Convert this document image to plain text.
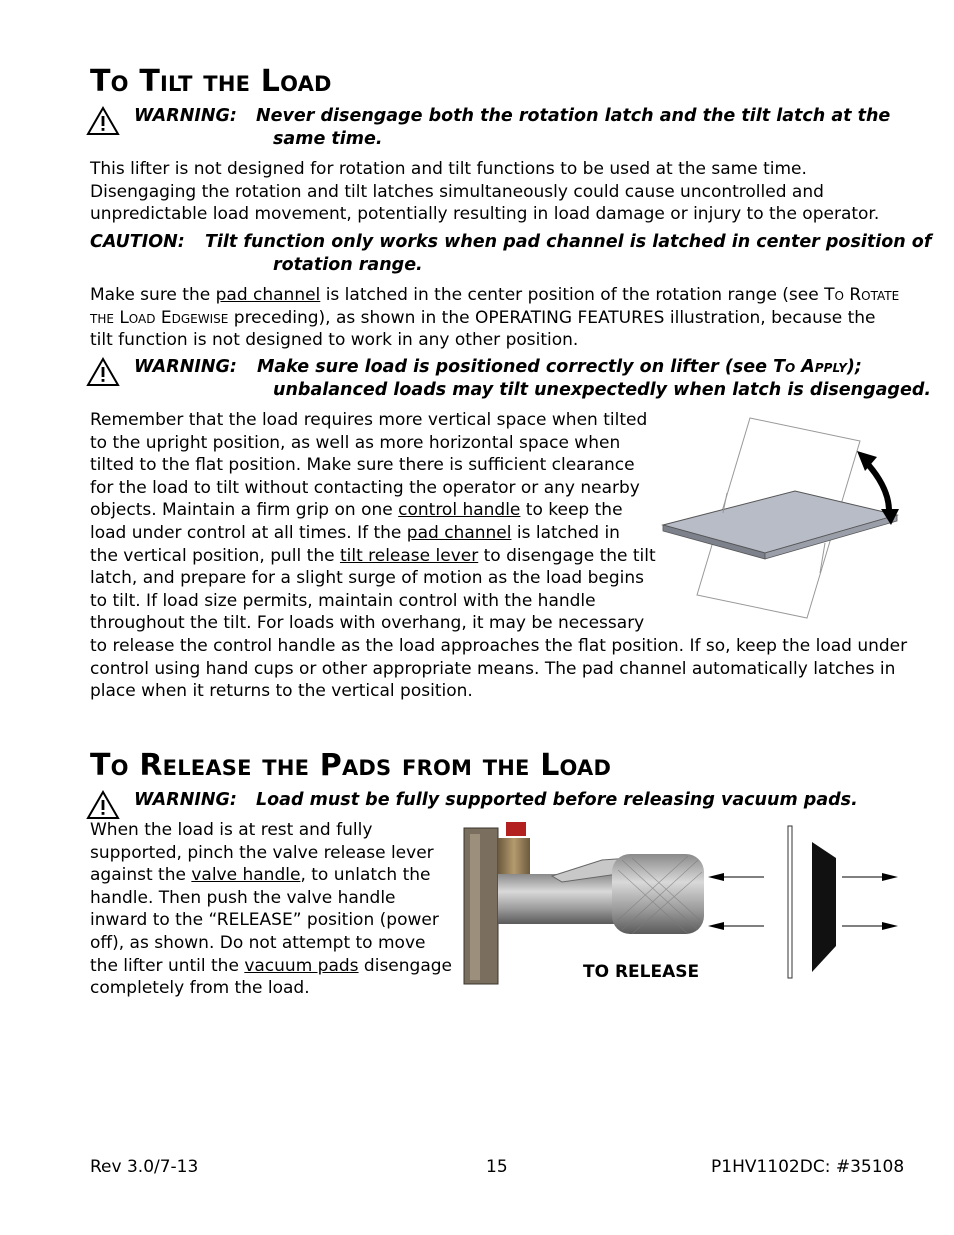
To Tilt the Load
WARNING: Never disengage both the rotation latch and the tilt latch at the
same time.
This lifter is not designed for rotation and tilt functions to be used at the same time.
Disengaging the rotation and tilt latches simultaneously could cause uncontrolled and
unpredictable load movement, potentially resulting in load damage or injury to the operator.
CAUTION: Tilt function only works when pad channel is latched in center position of
rotation range.
Make sure the pad channel is latched in the center position of the rotation range (see To Rotate
the Load Edgewise preceding), as shown in the OPERATING FEATURES illustration, because the
tilt function is not designed to work in any other position.
WARNING: Make sure load is positioned correctly on lifter (see To Apply);
unbalanced loads may tilt unexpectedly when latch is disengaged.
Remember that the load requires more vertical space when tilted
to the upright position, as well as more horizontal space when
tilted to the flat position. Make sure there is sufficient clearance
for the load to tilt without contacting the operator or any nearby
objects. Maintain a firm grip on one control handle to keep the
load under control at all times. If the pad channel is latched in
the vertical position, pull the tilt release lever to disengage the tilt
latch, and prepare for a slight surge of motion as the load begins
to tilt. If load size permits, maintain control with the handle
throughout the tilt. For loads with overhang, it may be necessary
to release the control handle as the load approaches the flat position. If so, keep the load under
control using hand cups or other appropriate means. The pad channel automatically latches in
place when it returns to the vertical position.
To Release the Pads from the Load
WARNING: Load must be fully supported before releasing vacuum pads.
When the load is at rest and fully
supported, pinch the valve release lever
against the valve handle, to unlatch the
handle. Then push the valve handle
inward to the “RELEASE” position (power
off), as shown. Do not attempt to move
the lifter until the vacuum pads disengage
completely from the load.
TO RELEASE
Rev 3.0/7-13	15	P1HV1102DC: #35108
